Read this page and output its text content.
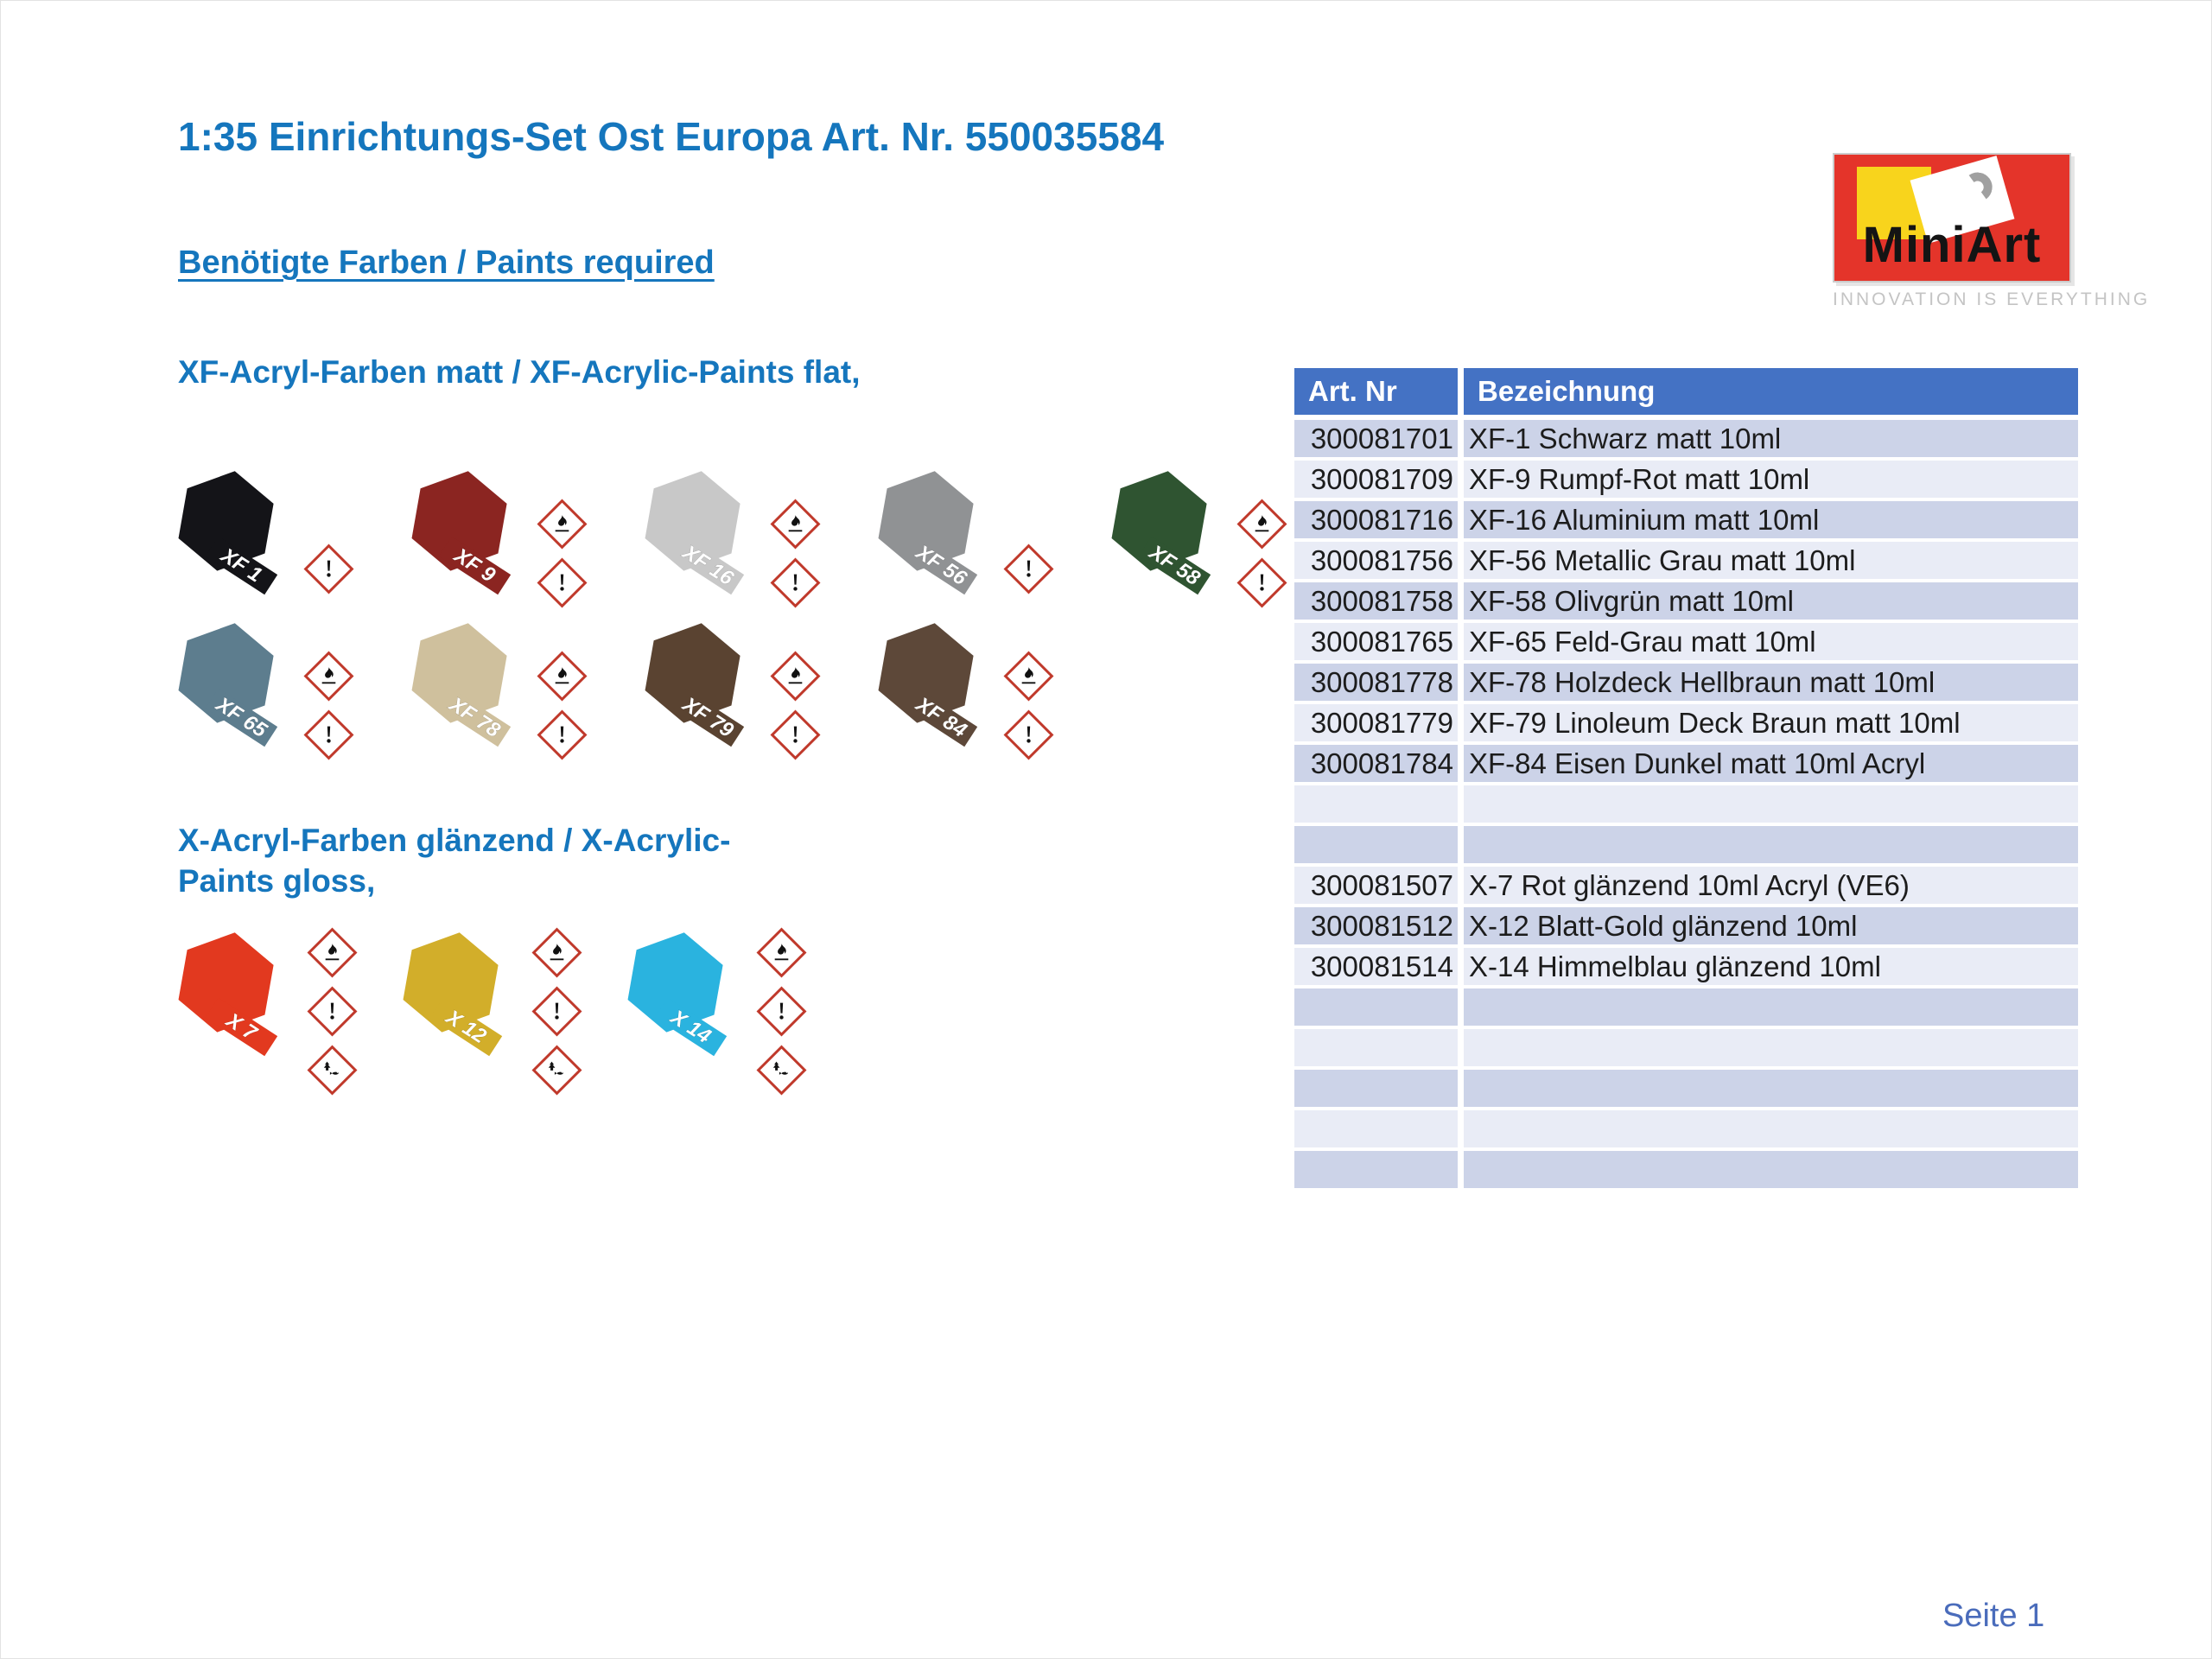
1:35 Einrichtungs-Set Ost Europa Art. Nr. 550035584
Benötigte Farben / Paints required	MiniArt
INNOVATION IS EVERYTHING
XF-Acryl-Farben matt / XF-Acrylic-Paints flat,
XF 1	XF 9	XF 16	XF 56	XF 58
XF 65	XF 78	XF 79	XF 84
X-Acryl-Farben glänzend / X-Acrylic-Paints gloss,
X 7	X 12	X 14
Art. Nr	Bezeichnung
300081701	XF-1 Schwarz matt 10ml
300081709	XF-9 Rumpf-Rot matt 10ml
300081716	XF-16 Aluminium matt 10ml
300081756	XF-56 Metallic Grau matt 10ml
300081758	XF-58 Olivgrün matt 10ml
300081765	XF-65 Feld-Grau matt 10ml
300081778	XF-78 Holzdeck Hellbraun matt 10ml
300081779	XF-79 Linoleum Deck Braun matt 10ml
300081784	XF-84 Eisen Dunkel matt 10ml Acryl

300081507	X-7 Rot glänzend 10ml Acryl (VE6)
300081512	X-12 Blatt-Gold glänzend 10ml
300081514	X-14 Himmelblau glänzend 10ml

Seite 1
